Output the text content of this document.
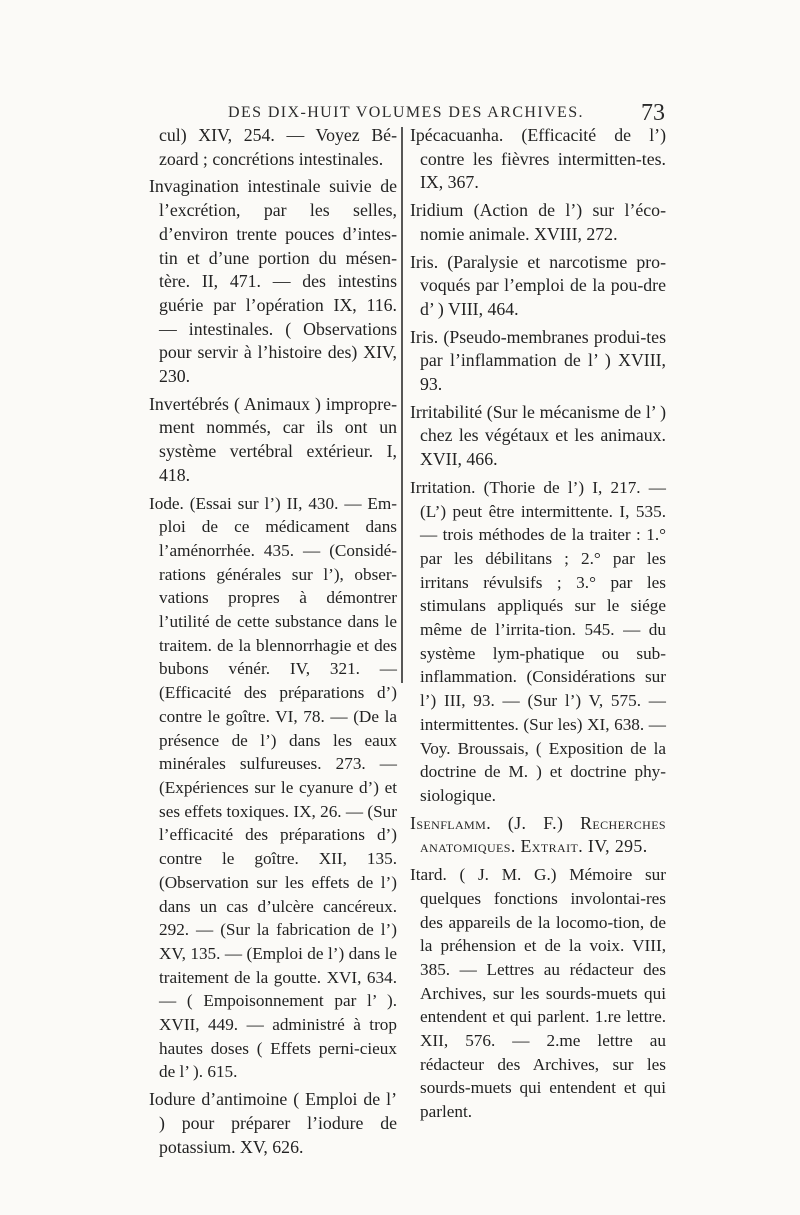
DES DIX-HUIT VOLUMES DES ARCHIVES. 73

cul) XIV, 254. — Voyez Bé-zoard ; concrétions intestinales.

Invagination intestinale suivie de l’excrétion, par les selles, d’environ trente pouces d’intes-tin et d’une portion du mésen-tère. II, 471. — des intestins guérie par l’opération IX, 116. — intestinales. ( Observations pour servir à l’histoire des) XIV, 230.

Invertébrés ( Animaux ) impropre-ment nommés, car ils ont un système vertébral extérieur. I, 418.

Iode. (Essai sur l’) II, 430. — Em-ploi de ce médicament dans l’aménorrhée. 435. — (Considé-rations générales sur l’), obser-vations propres à démontrer l’utilité de cette substance dans le traitem. de la blennorrhagie et des bubons vénér. IV, 321. — (Efficacité des préparations d’) contre le goître. VI, 78. — (De la présence de l’) dans les eaux minérales sulfureuses. 273. — (Expériences sur le cyanure d’) et ses effets toxiques. IX, 26. — (Sur l’efficacité des préparations d’) contre le goître. XII, 135. (Observation sur les effets de l’) dans un cas d’ulcère cancéreux. 292. — (Sur la fabrication de l’) XV, 135. — (Emploi de l’) dans le traitement de la goutte. XVI, 634. — ( Empoisonnement par l’ ). XVII, 449. — administré à trop hautes doses ( Effets perni-cieux de l’ ). 615.

Iodure d’antimoine ( Emploi de l’ ) pour préparer l’iodure de potassium. XV, 626.

Ipécacuanha. (Efficacité de l’) contre les fièvres intermitten-tes. IX, 367.

Iridium (Action de l’) sur l’éco-nomie animale. XVIII, 272.

Iris. (Paralysie et narcotisme pro-voqués par l’emploi de la pou-dre d’ ) VIII, 464.

Iris. (Pseudo-membranes produi-tes par l’inflammation de l’ ) XVIII, 93.

Irritabilité (Sur le mécanisme de l’ ) chez les végétaux et les animaux. XVII, 466.

Irritation. (Thorie de l’) I, 217. — (L’) peut être intermittente. I, 535. — trois méthodes de la traiter : 1.° par les débilitans ; 2.° par les irritans révulsifs ; 3.° par les stimulans appliqués sur le siége même de l’irrita-tion. 545. — du système lym-phatique ou sub-inflammation. (Considérations sur l’) III, 93. — (Sur l’) V, 575. — intermittentes. (Sur les) XI, 638. — Voy. Broussais, ( Exposition de la doctrine de M. ) et doctrine phy-siologique.

Isenflamm. (J. F.) Recherches anatomiques. Extrait. IV, 295.

Itard. ( J. M. G.) Mémoire sur quelques fonctions involontai-res des appareils de la locomo-tion, de la préhension et de la voix. VIII, 385. — Lettres au rédacteur des Archives, sur les sourds-muets qui entendent et qui parlent. 1.re lettre. XII, 576. — 2.me lettre au rédacteur des Archives, sur les sourds-muets qui entendent et qui parlent.
